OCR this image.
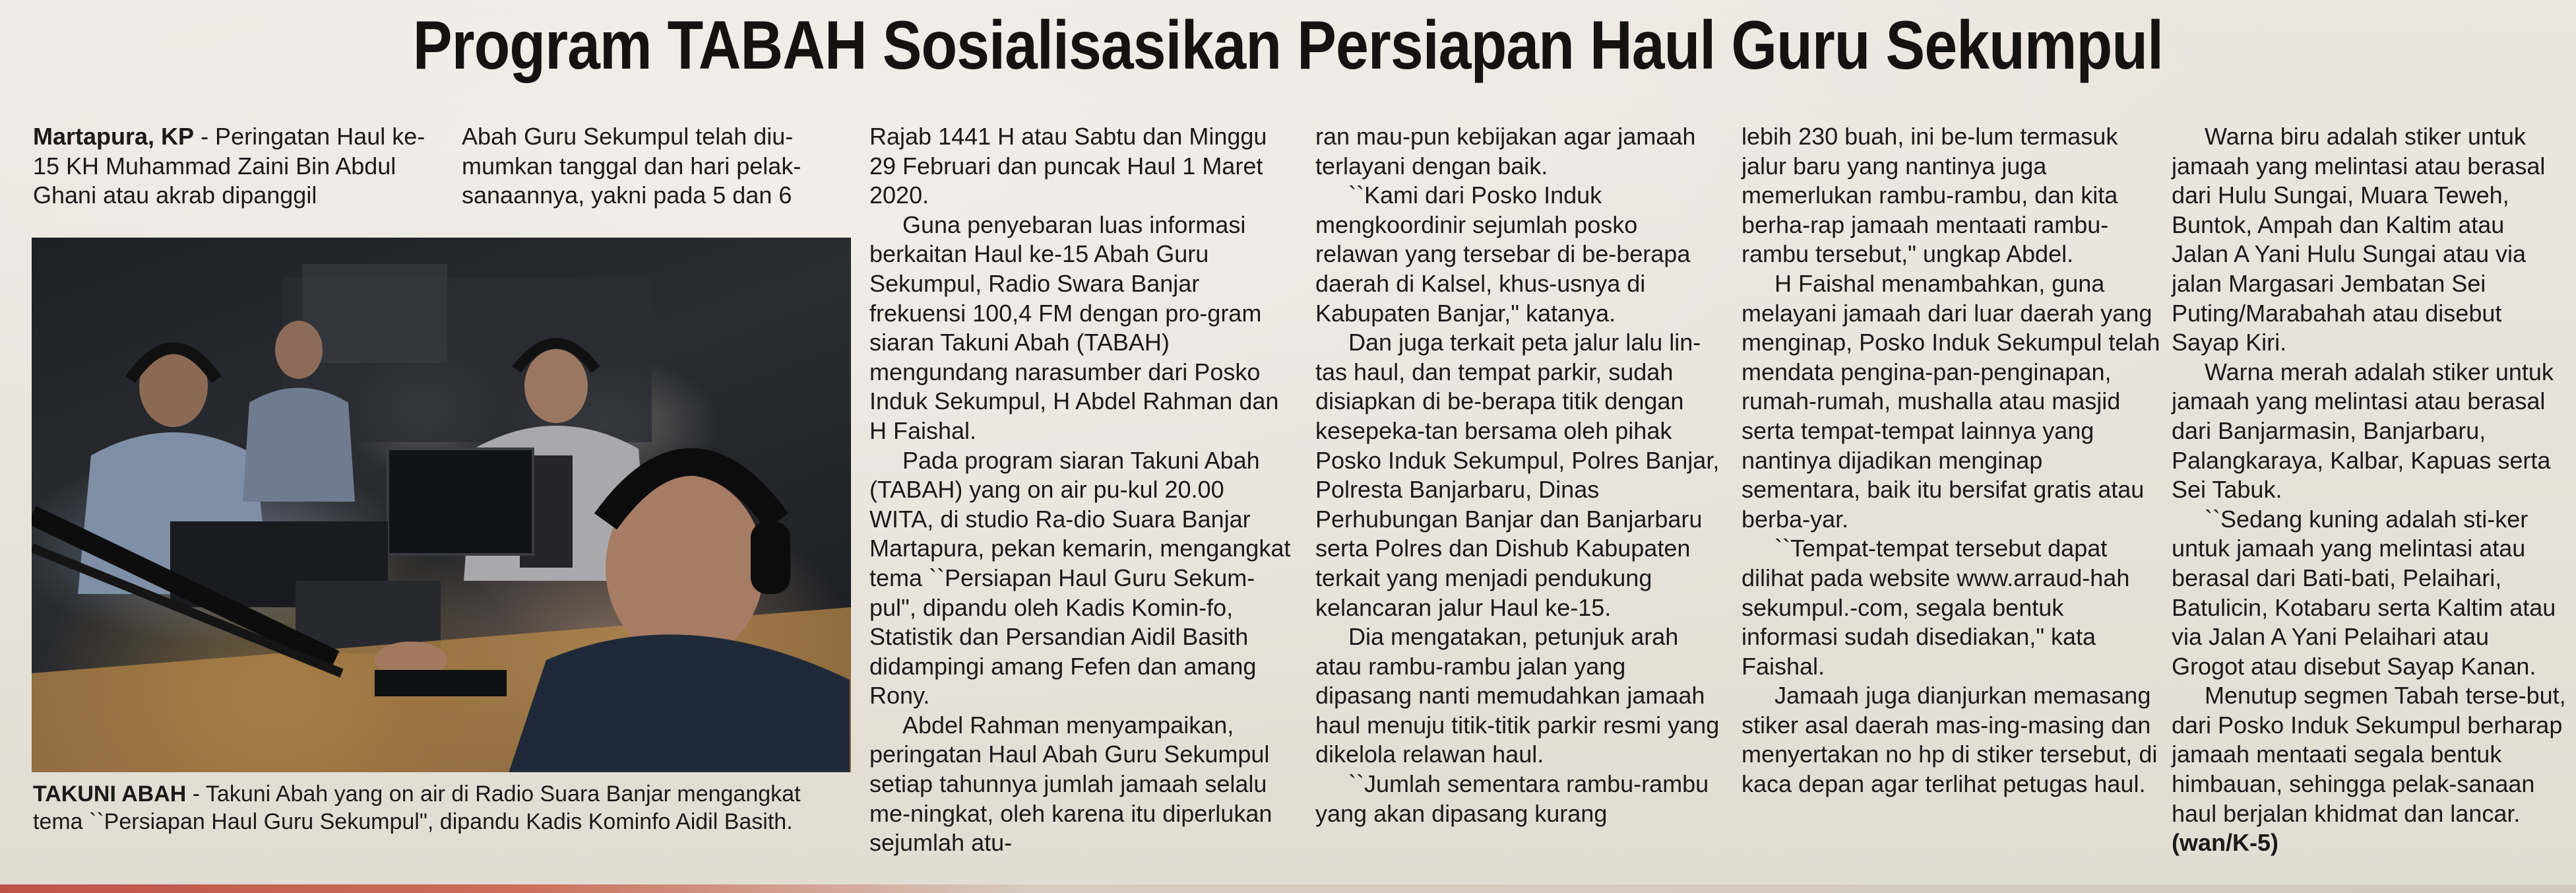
Program TABAH Sosialisasikan Persiapan Haul Guru Sekumpul

Martapura, KP - Peringatan Haul ke-15 KH Muhammad Zaini Bin Abdul Ghani atau akrab dipanggil

Abah Guru Sekumpul telah diu-mumkan tanggal dan hari pelak-sanaannya, yakni pada 5 dan 6

TAKUNI ABAH - Takuni Abah yang on air di Radio Suara Banjar mengangkat tema ``Persiapan Haul Guru Sekumpul", dipandu Kadis Kominfo Aidil Basith.

Rajab 1441 H atau Sabtu dan Minggu 29 Februari dan puncak Haul 1 Maret 2020.

Guna penyebaran luas informasi berkaitan Haul ke-15 Abah Guru Sekumpul, Radio Swara Banjar frekuensi 100,4 FM dengan pro-gram siaran Takuni Abah (TABAH) mengundang narasumber dari Posko Induk Sekumpul, H Abdel Rahman dan H Faishal.

Pada program siaran Takuni Abah (TABAH) yang on air pu-kul 20.00 WITA, di studio Ra-dio Suara Banjar Martapura, pekan kemarin, mengangkat tema ``Persiapan Haul Guru Sekum-pul", dipandu oleh Kadis Komin-fo, Statistik dan Persandian Aidil Basith didampingi amang Fefen dan amang Rony.

Abdel Rahman menyampaikan, peringatan Haul Abah Guru Sekumpul setiap tahunnya jumlah jamaah selalu me-ningkat, oleh karena itu diperlukan sejumlah atu-

ran mau-pun kebijakan agar jamaah terlayani dengan baik.

``Kami dari Posko Induk mengkoordinir sejumlah posko relawan yang tersebar di be-berapa daerah di Kalsel, khus-usnya di Kabupaten Banjar," katanya.

Dan juga terkait peta jalur lalu lin-tas haul, dan tempat parkir, sudah disiapkan di be-berapa titik dengan kesepeka-tan bersama oleh pihak Posko Induk Sekumpul, Polres Banjar, Polresta Banjarbaru, Dinas Perhubungan Banjar dan Banjarbaru serta Polres dan Dishub Kabupaten terkait yang menjadi pendukung kelancaran jalur Haul ke-15.

Dia mengatakan, petunjuk arah atau rambu-rambu jalan yang dipasang nanti memudahkan jamaah haul menuju titik-titik parkir resmi yang dikelola relawan haul.

``Jumlah sementara rambu-rambu yang akan dipasang kurang

lebih 230 buah, ini be-lum termasuk jalur baru yang nantinya juga memerlukan rambu-rambu, dan kita berha-rap jamaah mentaati rambu-rambu tersebut," ungkap Abdel.

H Faishal menambahkan, guna melayani jamaah dari luar daerah yang menginap, Posko Induk Sekumpul telah mendata pengina-pan-penginapan, rumah-rumah, mushalla atau masjid serta tempat-tempat lainnya yang nantinya dijadikan menginap sementara, baik itu bersifat gratis atau berba-yar.

``Tempat-tempat tersebut dapat dilihat pada website www.arraud-hah sekumpul.-com, segala bentuk informasi sudah disediakan," kata Faishal.

Jamaah juga dianjurkan memasang stiker asal daerah mas-ing-masing dan menyertakan no hp di stiker tersebut, di kaca depan agar terlihat petugas haul.

Warna biru adalah stiker untuk jamaah yang melintasi atau berasal dari Hulu Sungai, Muara Teweh, Buntok, Ampah dan Kaltim atau Jalan A Yani Hulu Sungai atau via jalan Margasari Jembatan Sei Puting/Marabahah atau disebut Sayap Kiri.

Warna merah adalah stiker untuk jamaah yang melintasi atau berasal dari Banjarmasin, Banjarbaru, Palangkaraya, Kalbar, Kapuas serta Sei Tabuk.

``Sedang kuning adalah sti-ker untuk jamaah yang melintasi atau berasal dari Bati-bati, Pelaihari, Batulicin, Kotabaru serta Kaltim atau via Jalan A Yani Pelaihari atau Grogot atau disebut Sayap Kanan.

Menutup segmen Tabah terse-but, dari Posko Induk Sekumpul berharap jamaah mentaati segala bentuk himbauan, sehingga pelak-sanaan haul berjalan khidmat dan lancar. (wan/K-5)
